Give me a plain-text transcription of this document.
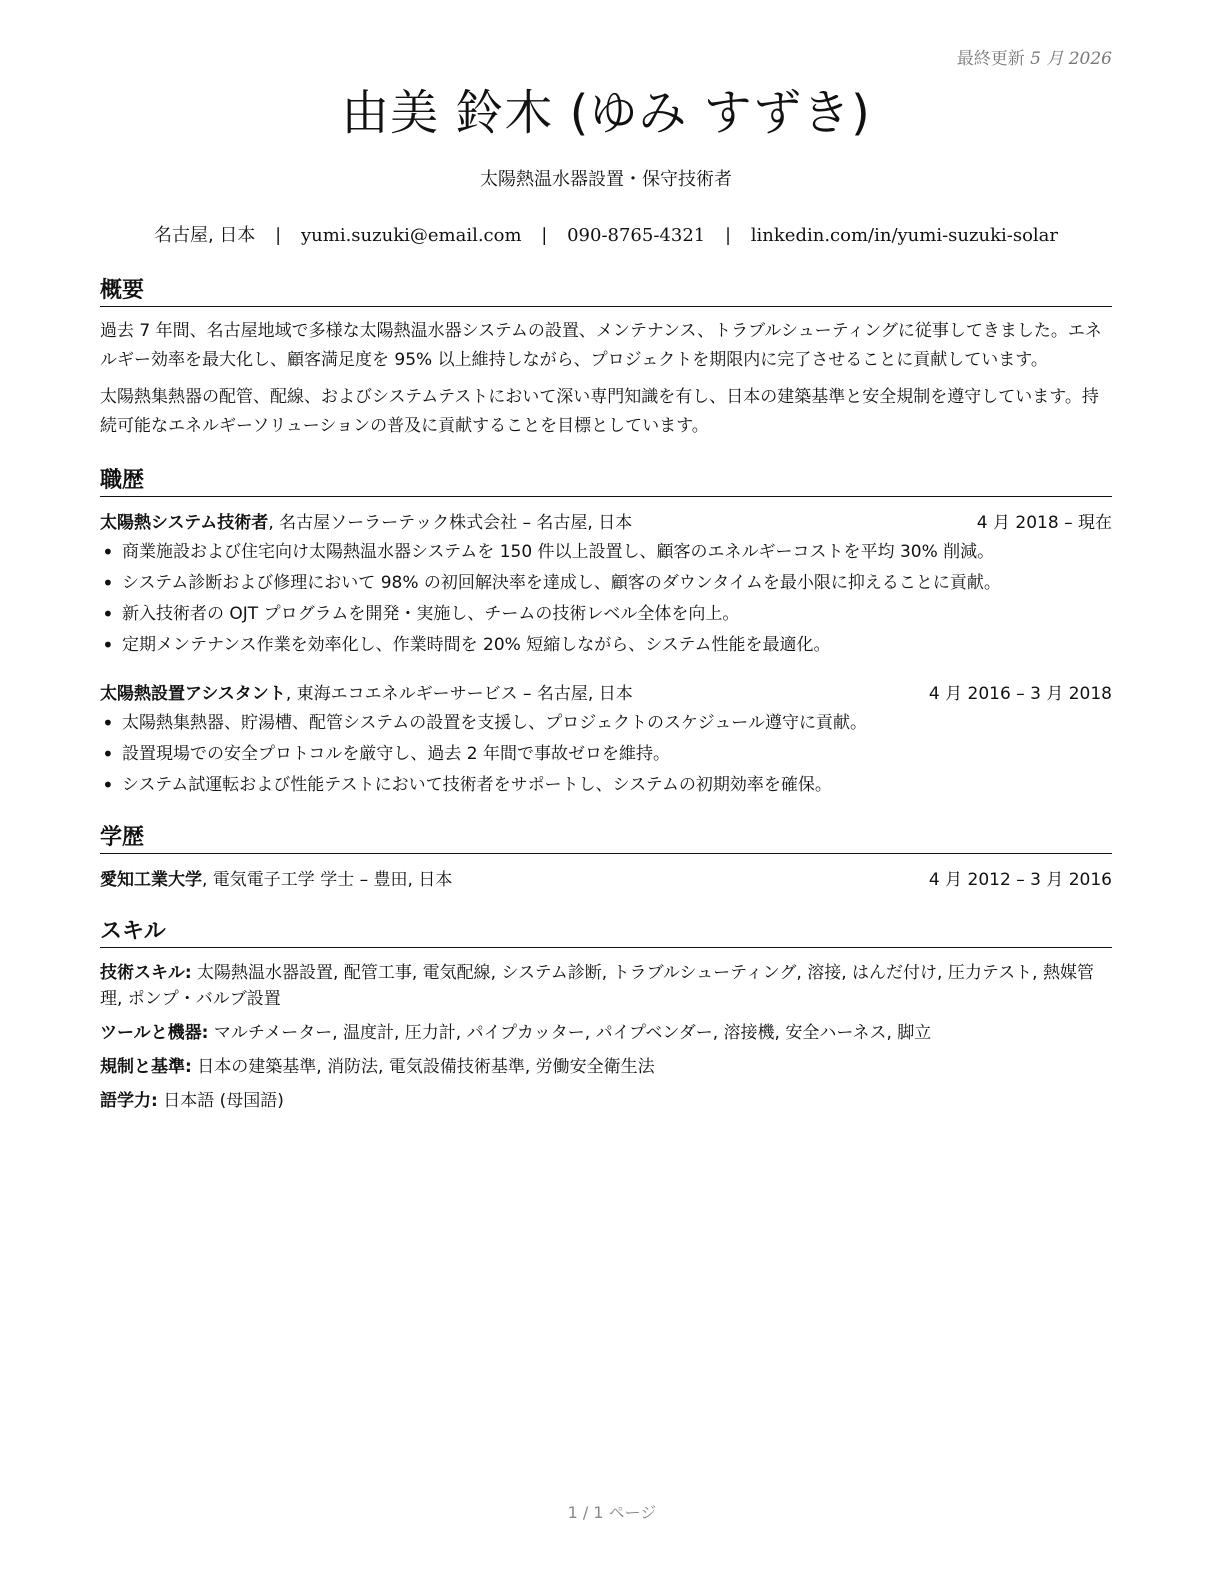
最終更新 5 月 2026
由美 鈴木 (ゆみ すずき)
太陽熱温水器設置・保守技術者
名古屋, 日本 | yumi.suzuki@email.com | 090-8765-4321 | linkedin.com/in/yumi-suzuki-solar
概要

過去 7 年間、名古屋地域で多様な太陽熱温水器システムの設置、メンテナンス、トラブルシューティングに従事してきました。エネルギー効率を最大化し、顧客満足度を 95% 以上維持しながら、プロジェクトを期限内に完了させることに貢献しています。

太陽熱集熱器の配管、配線、およびシステムテストにおいて深い専門知識を有し、日本の建築基準と安全規制を遵守しています。持続可能なエネルギーソリューションの普及に貢献することを目標としています。

職歴
太陽熱システム技術者, 名古屋ソーラーテック株式会社 – 名古屋, 日本	4 月 2018 – 現在
• 商業施設および住宅向け太陽熱温水器システムを 150 件以上設置し、顧客のエネルギーコストを平均 30% 削減。
• システム診断および修理において 98% の初回解決率を達成し、顧客のダウンタイムを最小限に抑えることに貢献。
• 新入技術者の OJT プログラムを開発・実施し、チームの技術レベル全体を向上。
• 定期メンテナンス作業を効率化し、作業時間を 20% 短縮しながら、システム性能を最適化。
太陽熱設置アシスタント, 東海エコエネルギーサービス – 名古屋, 日本	4 月 2016 – 3 月 2018
• 太陽熱集熱器、貯湯槽、配管システムの設置を支援し、プロジェクトのスケジュール遵守に貢献。
• 設置現場での安全プロトコルを厳守し、過去 2 年間で事故ゼロを維持。
• システム試運転および性能テストにおいて技術者をサポートし、システムの初期効率を確保。
学歴
愛知工業大学, 電気電子工学 学士 – 豊田, 日本	4 月 2012 – 3 月 2016
スキル
技術スキル: 太陽熱温水器設置, 配管工事, 電気配線, システム診断, トラブルシューティング, 溶接, はんだ付け, 圧力テスト, 熱媒管理, ポンプ・バルブ設置
ツールと機器: マルチメーター, 温度計, 圧力計, パイプカッター, パイプベンダー, 溶接機, 安全ハーネス, 脚立
規制と基準: 日本の建築基準, 消防法, 電気設備技術基準, 労働安全衛生法
語学力: 日本語 (母国語)
1 / 1 ページ
